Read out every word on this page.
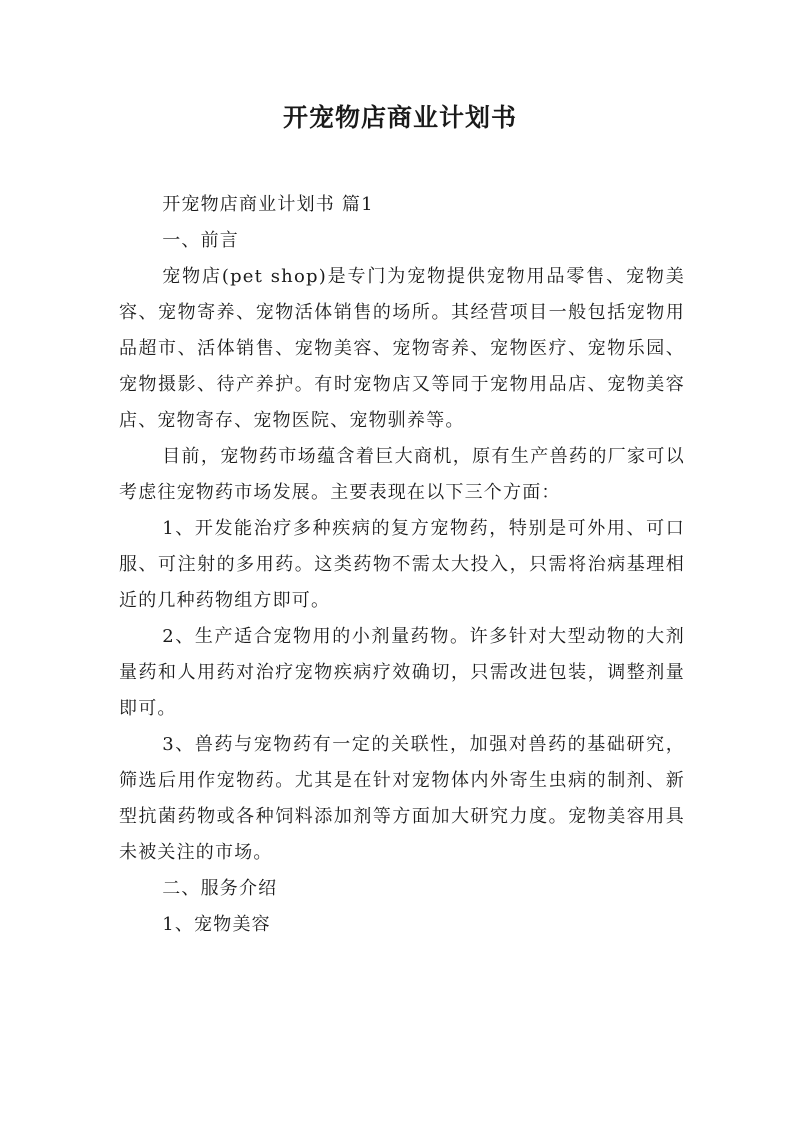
开宠物店商业计划书

开宠物店商业计划书 篇1

一、前言

宠物店(pet shop)是专门为宠物提供宠物用品零售、宠物美容、宠物寄养、宠物活体销售的场所。其经营项目一般包括宠物用品超市、活体销售、宠物美容、宠物寄养、宠物医疗、宠物乐园、宠物摄影、待产养护。有时宠物店又等同于宠物用品店、宠物美容店、宠物寄存、宠物医院、宠物驯养等。

目前，宠物药市场蕴含着巨大商机，原有生产兽药的厂家可以考虑往宠物药市场发展。主要表现在以下三个方面：

1、开发能治疗多种疾病的复方宠物药，特别是可外用、可口服、可注射的多用药。这类药物不需太大投入，只需将治病基理相近的几种药物组方即可。

2、生产适合宠物用的小剂量药物。许多针对大型动物的大剂量药和人用药对治疗宠物疾病疗效确切，只需改进包装，调整剂量即可。

3、兽药与宠物药有一定的关联性，加强对兽药的基础研究，筛选后用作宠物药。尤其是在针对宠物体内外寄生虫病的制剂、新型抗菌药物或各种饲料添加剂等方面加大研究力度。宠物美容用具未被关注的市场。

二、服务介绍

1、宠物美容
